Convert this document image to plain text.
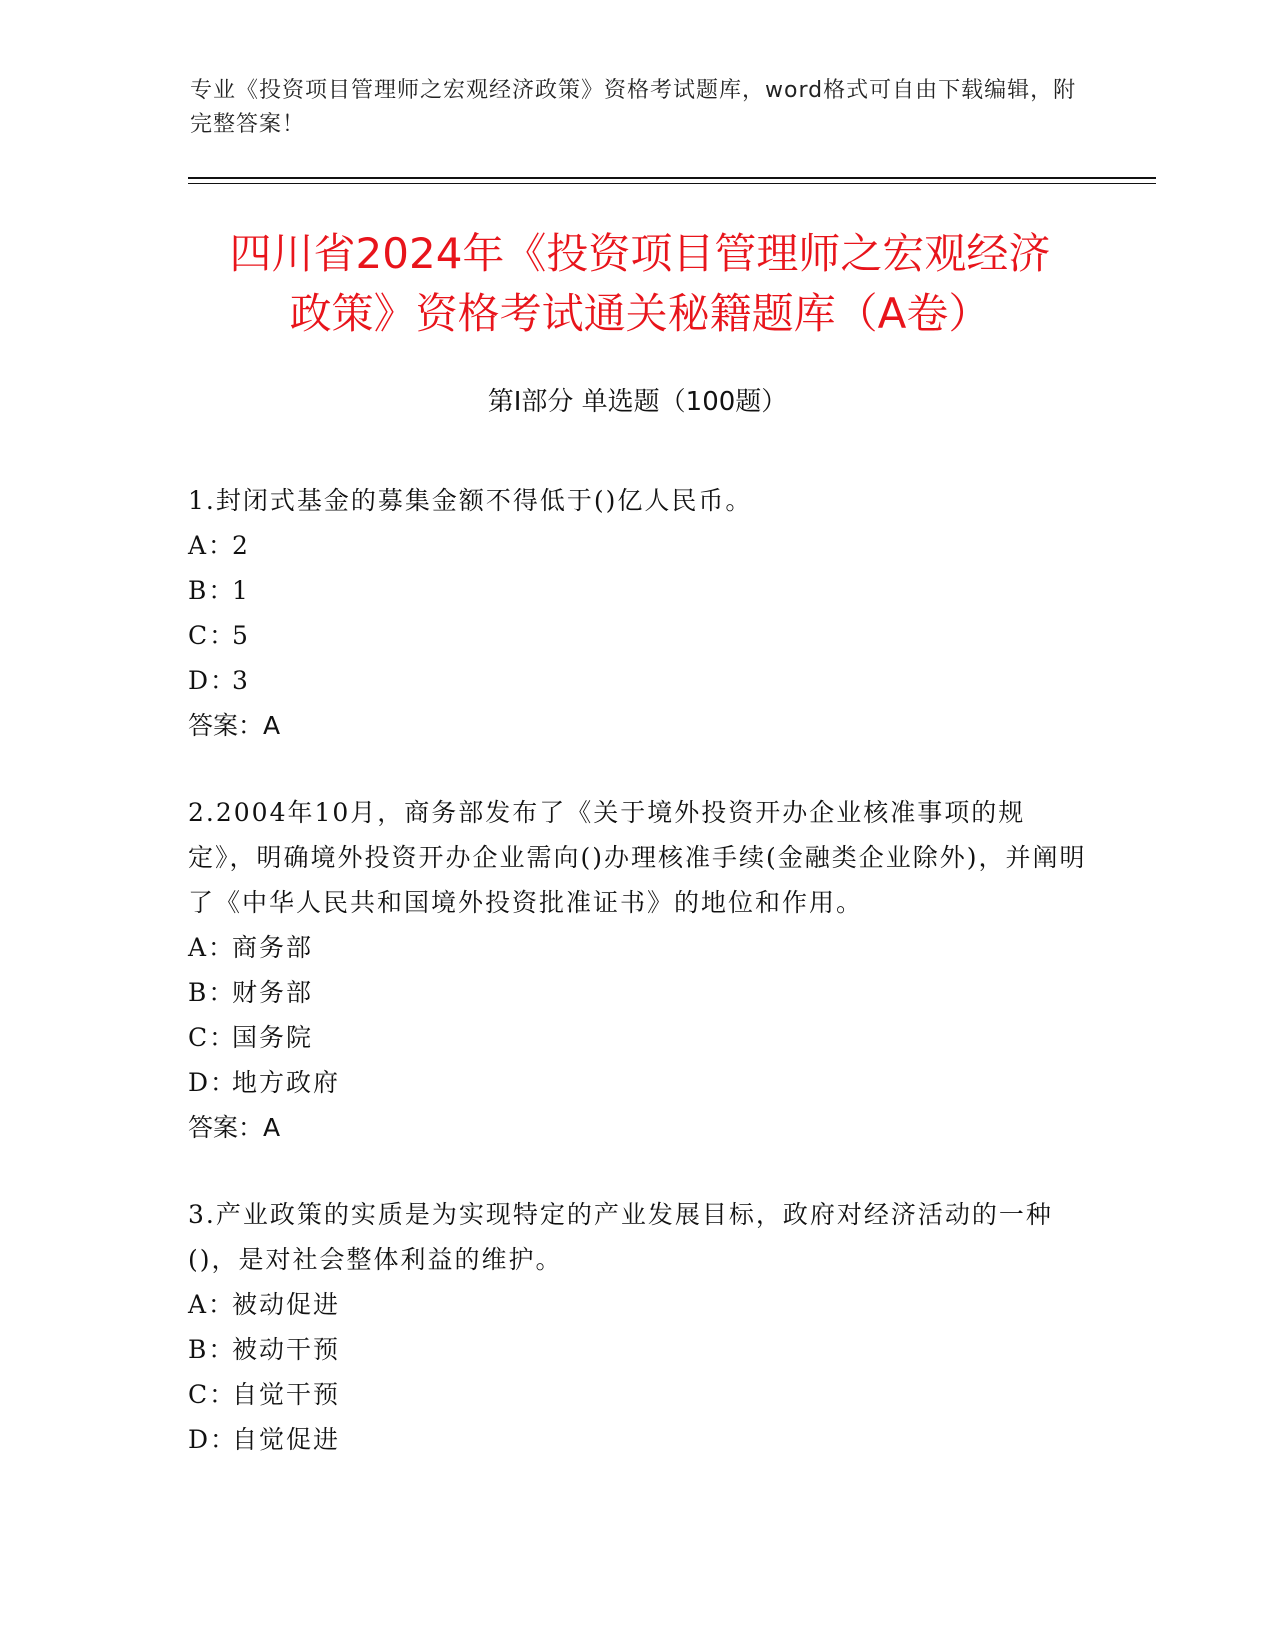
专业《投资项目管理师之宏观经济政策》资格考试题库，word格式可自由下载编辑，附完整答案！
四川省2024年《投资项目管理师之宏观经济
政策》资格考试通关秘籍题库（A卷）
第Ⅰ部分 单选题（100题）
1.封闭式基金的募集金额不得低于()亿人民币。
A：
2
B：
1
C：
5
D：
3
答案：A
2.2004年10月，商务部发布了《关于境外投资开办企业核准事项的规定》，明确境外投资开办企业需向()办理核准手续(金融类企业除外)，并阐明了《中华人民共和国境外投资批准证书》的地位和作用。
A：
商务部
B：
财务部
C：
国务院
D：
地方政府
答案：A
3.产业政策的实质是为实现特定的产业发展目标，政府对经济活动的一种()，是对社会整体利益的维护。
A：
被动促进
B：
被动干预
C：
自觉干预
D：
自觉促进
